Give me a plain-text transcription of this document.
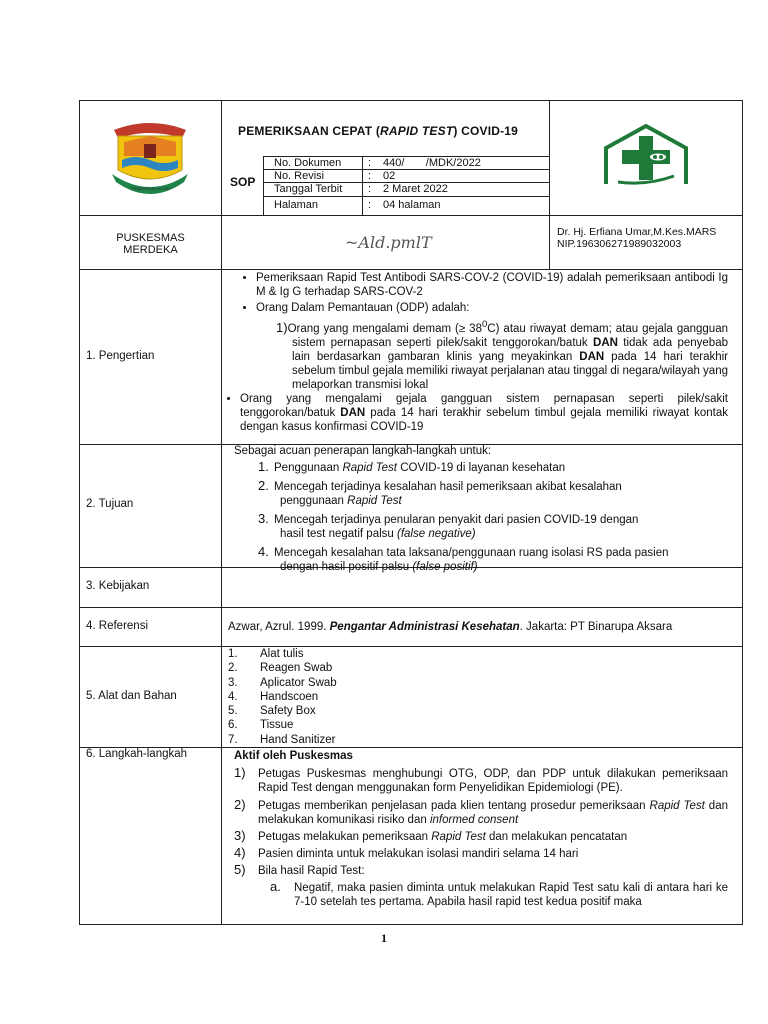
PEMERINTAH KOTA
PEMERIKSAAN CEPAT (RAPID TEST) COVID-19
SOP
No. Dokumen : 440/       /MDK/2022
No. Revisi	: 02
Tanggal Terbit : 2 Maret 2022
Halaman	: 04 halaman
PUSKESMAS
MERDEKA	~Ald.pmlT
Dr. Hj. Erfiana Umar,M.Kes.MARS
NIP.196306271989032003
1. Pengertian
• Pemeriksaan Rapid Test Antibodi SARS-COV-2 (COVID-19) adalah pemeriksaan antibodi Ig M & Ig G terhadap SARS-COV-2
• Orang Dalam Pemantauan (ODP) adalah:
1)Orang yang mengalami demam (≥ $38^0C$) atau riwayat demam; atau gejala gangguan sistem pernapasan seperti pilek/sakit tenggorokan/batuk DAN tidak ada penyebab lain berdasarkan gambaran klinis yang meyakinkan DAN pada 14 hari terakhir sebelum timbul gejala memiliki riwayat perjalanan atau tinggal di negara/wilayah yang melaporkan transmisi lokal
• Orang yang mengalami gejala gangguan sistem pernapasan seperti pilek/sakit tenggorokan/batuk DAN pada 14 hari terakhir sebelum timbul gejala memiliki riwayat kontak dengan kasus konfirmasi COVID-19
2. Tujuan
Sebagai acuan penerapan langkah-langkah untuk:
1. Penggunaan Rapid Test COVID-19 di layanan kesehatan
2. Mencegah terjadinya kesalahan hasil pemeriksaan akibat kesalahan
penggunaan Rapid Test
3. Mencegah terjadinya penularan penyakit dari pasien COVID-19 dengan
hasil test negatif palsu (false negative)
4. Mencegah kesalahan tata laksana/penggunaan ruang isolasi RS pada pasien
dengan hasil positif palsu (false positif)
3. Kebijakan
4. Referensi	Azwar, Azrul. 1999. Pengantar Administrasi Kesehatan. Jakarta: PT Binarupa Aksara
5. Alat dan Bahan
1. Alat tulis
2. Reagen Swab
3. Aplicator Swab
4. Handscoen
5. Safety Box
6. Tissue
7. Hand Sanitizer
6. Langkah-langkah	Aktif oleh Puskesmas
1) Petugas Puskesmas menghubungi OTG, ODP, dan PDP untuk dilakukan pemeriksaan Rapid Test dengan menggunakan form Penyelidikan Epidemiologi (PE).
2) Petugas memberikan penjelasan pada klien tentang prosedur pemeriksaan Rapid Test dan melakukan komunikasi risiko dan informed consent
3) Petugas melakukan pemeriksaan Rapid Test dan melakukan pencatatan
4) Pasien diminta untuk melakukan isolasi mandiri selama 14 hari
5) Bila hasil Rapid Test:
a. Negatif, maka pasien diminta untuk melakukan Rapid Test satu kali di antara hari ke 7-10 setelah tes pertama. Apabila hasil rapid test kedua positif maka
1
